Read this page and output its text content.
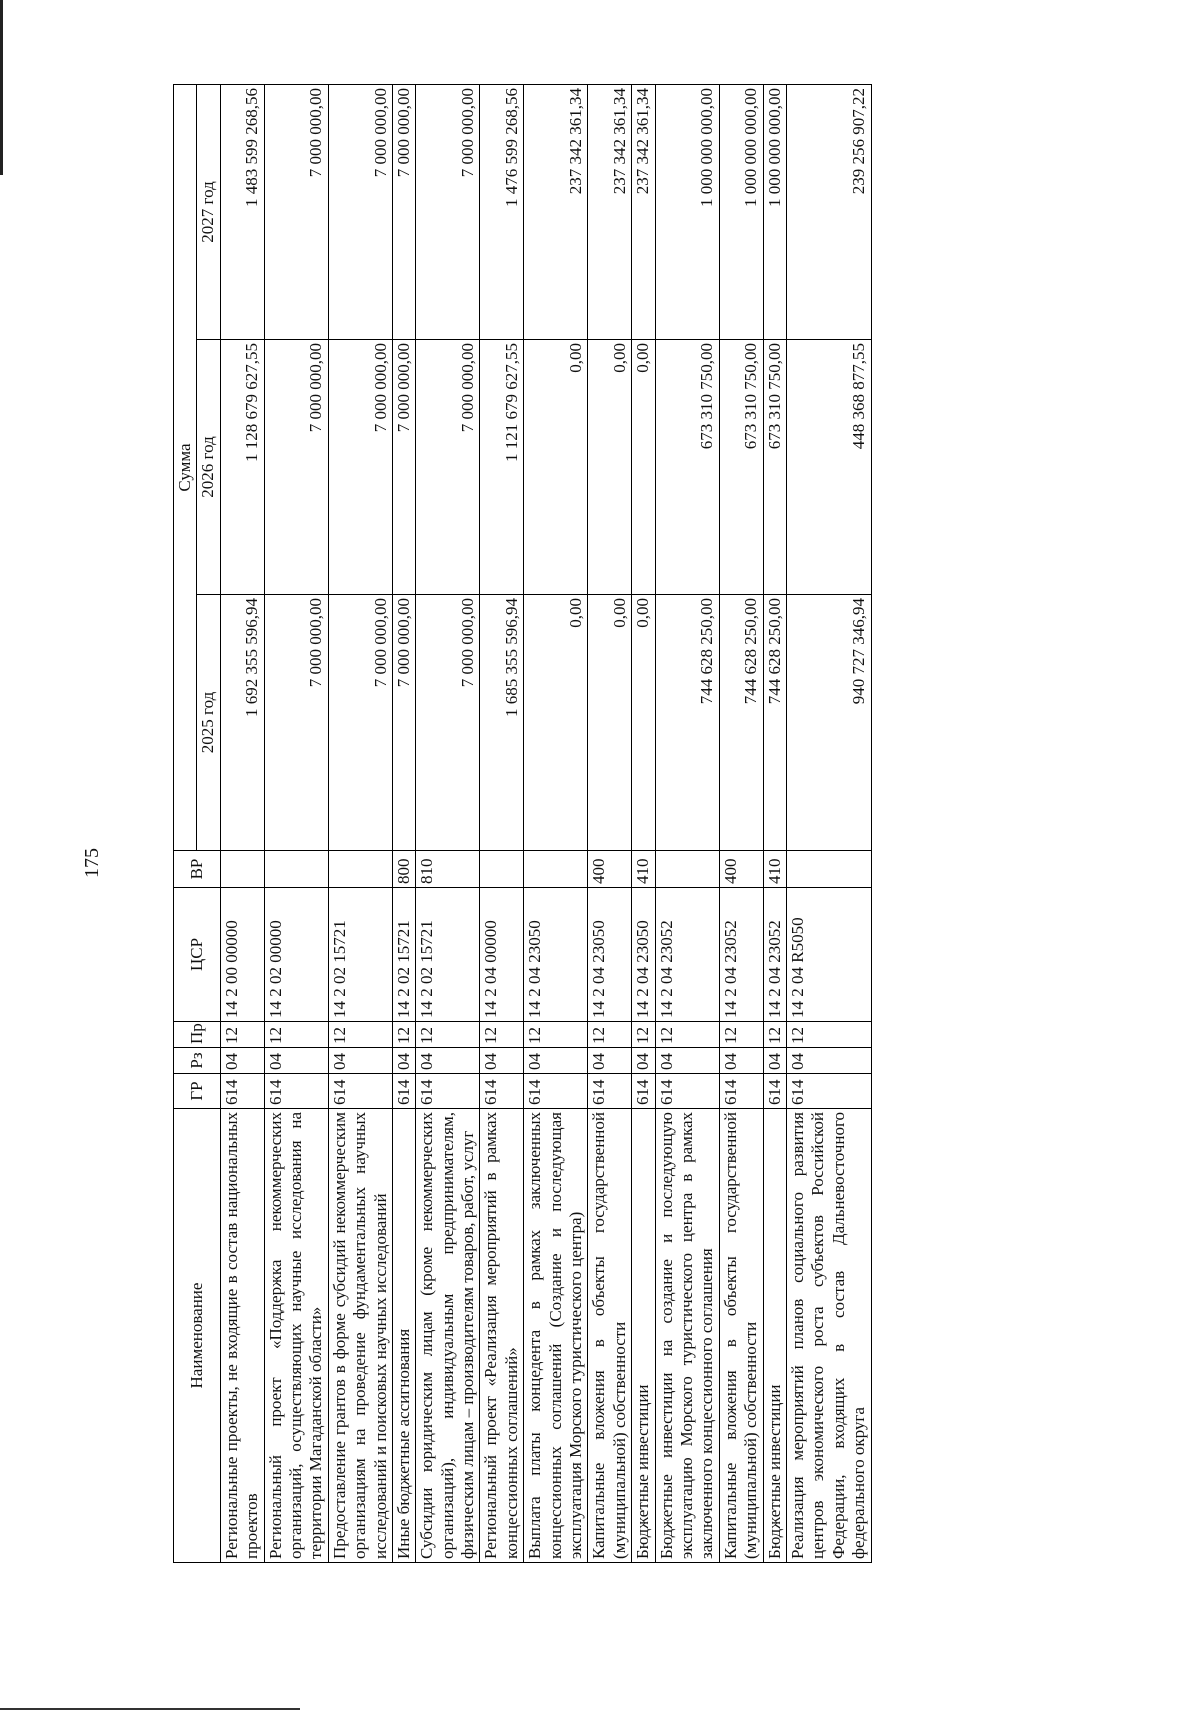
175
Наименование	ГР	Рз	Пр	ЦСР	ВР	Сумма		
						2025 год	2026 год	2027 год
Региональные проекты, не входящие в состав национальных проектов	614	04	12	14 2 00 00000		1 692 355 596,94	1 128 679 627,55	1 483 599 268,56
Региональный проект «Поддержка некоммерческих организаций, осуществляющих научные исследования на территории Магаданской области»	614	04	12	14 2 02 00000		7 000 000,00	7 000 000,00	7 000 000,00
Предоставление грантов в форме субсидий некоммерческим организациям на проведение фундаментальных научных исследований и поисковых научных исследований	614	04	12	14 2 02 15721		7 000 000,00	7 000 000,00	7 000 000,00
Иные бюджетные ассигнования	614	04	12	14 2 02 15721	800	7 000 000,00	7 000 000,00	7 000 000,00
Субсидии юридическим лицам (кроме некоммерческих организаций), индивидуальным предпринимателям, физическим лицам – производителям товаров, работ, услуг	614	04	12	14 2 02 15721	810	7 000 000,00	7 000 000,00	7 000 000,00
Региональный проект «Реализация мероприятий в рамках концессионных соглашений»	614	04	12	14 2 04 00000		1 685 355 596,94	1 121 679 627,55	1 476 599 268,56
Выплата платы концедента в рамках заключенных концессионных соглашений (Создание и последующая эксплуатация Морского туристического центра)	614	04	12	14 2 04 23050		0,00	0,00	237 342 361,34
Капитальные вложения в объекты государственной (муниципальной) собственности	614	04	12	14 2 04 23050	400	0,00	0,00	237 342 361,34
Бюджетные инвестиции	614	04	12	14 2 04 23050	410	0,00	0,00	237 342 361,34
Бюджетные инвестиции на создание и последующую эксплуатацию Морского туристического центра в рамках заключенного концессионного соглашения	614	04	12	14 2 04 23052		744 628 250,00	673 310 750,00	1 000 000 000,00
Капитальные вложения в объекты государственной (муниципальной) собственности	614	04	12	14 2 04 23052	400	744 628 250,00	673 310 750,00	1 000 000 000,00
Бюджетные инвестиции	614	04	12	14 2 04 23052	410	744 628 250,00	673 310 750,00	1 000 000 000,00
Реализация мероприятий планов социального развития центров экономического роста субъектов Российской Федерации, входящих в состав Дальневосточного федерального округа	614	04	12	14 2 04 R5050		940 727 346,94	448 368 877,55	239 256 907,22
